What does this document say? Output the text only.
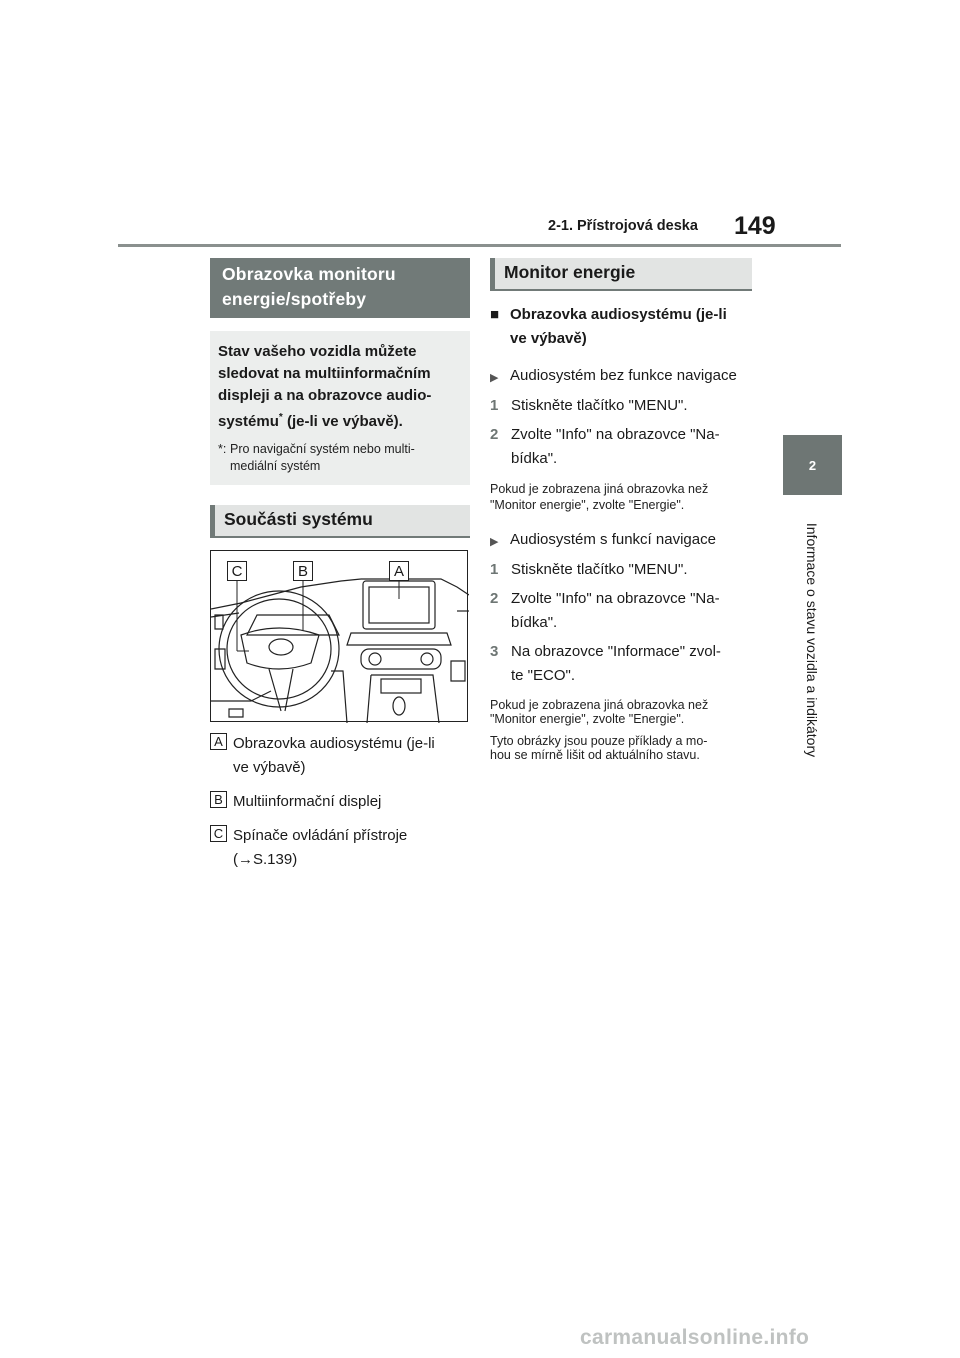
2-1. Přístrojová deska 149
2
Informace o stavu vozidla a indikátory
Obrazovka monitoru energie/spotřeby

Stav vašeho vozidla můžete

sledovat na multiinformačním

displeji a na obrazovce audio-

systému* (je-li ve výbavě).

*: Pro navigační systém nebo multi-
mediální systém
Součásti systému
C	B	A
A Obrazovka audiosystému (je-li
ve výbavě)
B Multiinformační displej
C Spínače ovládání přístroje
(→S.139)
Monitor energie
■ Obrazovka audiosystému (je-li
ve výbavě)
▶ Audiosystém bez funkce navigace
1 Stiskněte tlačítko "MENU".
2 Zvolte "Info" na obrazovce "Na-
bídka".
Pokud je zobrazena jiná obrazovka než
"Monitor energie", zvolte "Energie".
▶ Audiosystém s funkcí navigace
1 Stiskněte tlačítko "MENU".
2 Zvolte "Info" na obrazovce "Na-
bídka".
3 Na obrazovce "Informace" zvol-
te "ECO".
Pokud je zobrazena jiná obrazovka než
"Monitor energie", zvolte "Energie".
Tyto obrázky jsou pouze příklady a mo-
hou se mírně lišit od aktuálního stavu.
carmanualsonline.info
